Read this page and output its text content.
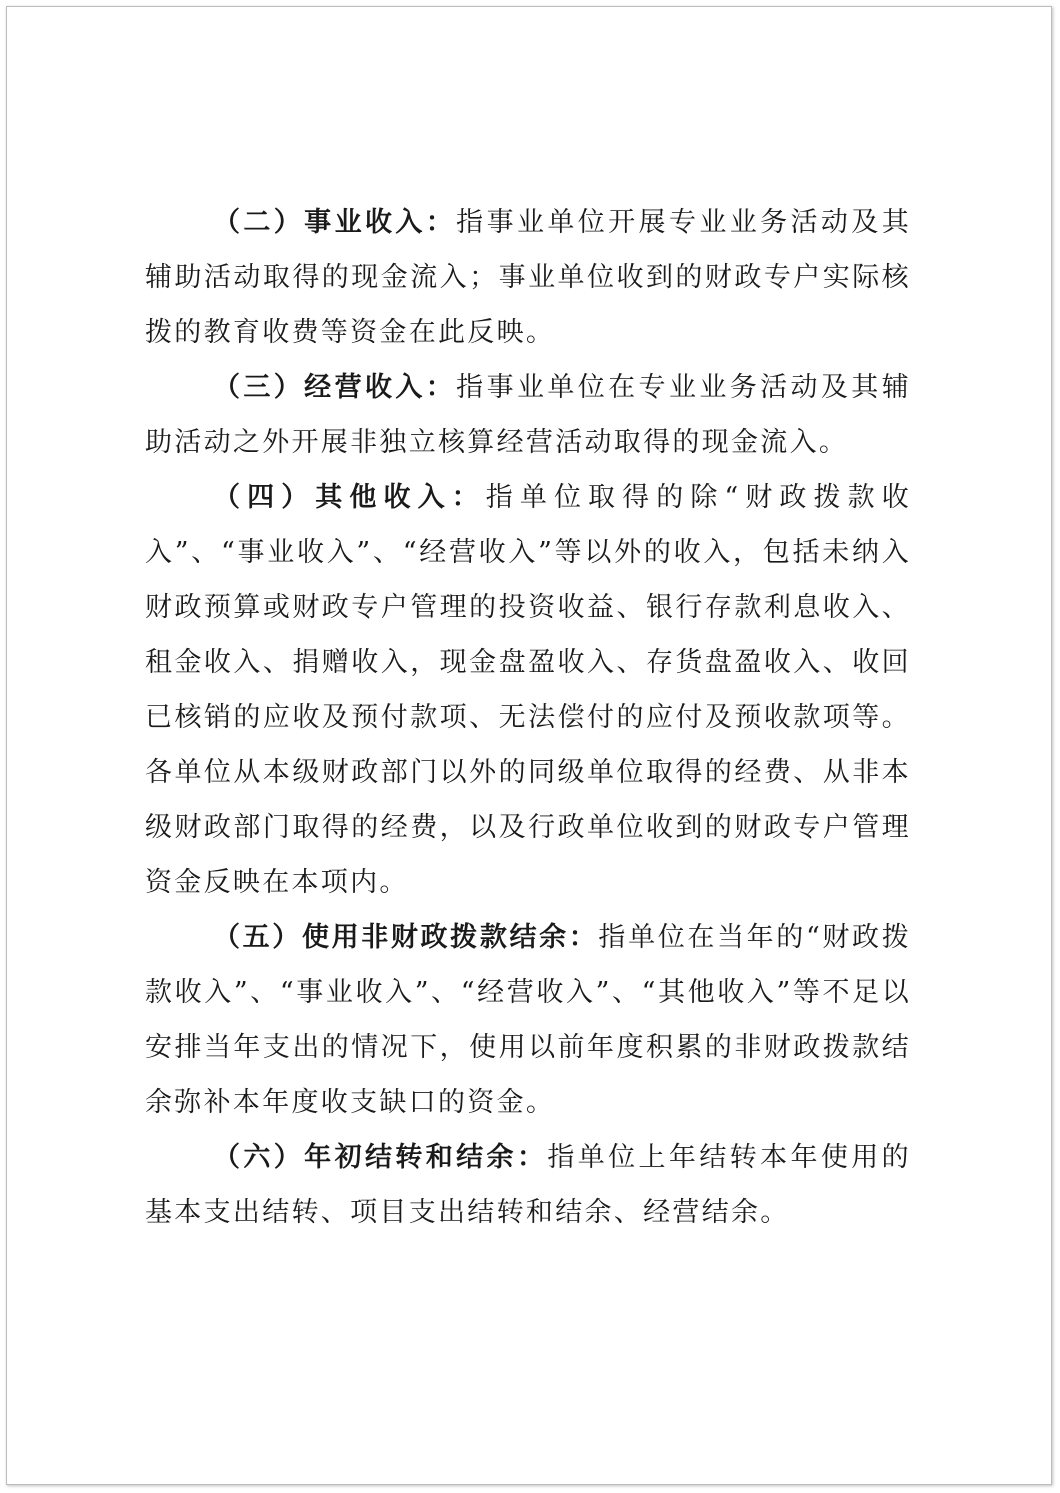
（二）事业收入：指事业单位开展专业业务活动及其辅助活动取得的现金流入；事业单位收到的财政专户实际核拨的教育收费等资金在此反映。

（三）经营收入：指事业单位在专业业务活动及其辅助活动之外开展非独立核算经营活动取得的现金流入。

（四）其他收入：指单位取得的除“财政拨款收入”、“事业收入”、“经营收入”等以外的收入，包括未纳入财政预算或财政专户管理的投资收益、银行存款利息收入、租金收入、捐赠收入，现金盘盈收入、存货盘盈收入、收回已核销的应收及预付款项、无法偿付的应付及预收款项等。各单位从本级财政部门以外的同级单位取得的经费、从非本级财政部门取得的经费，以及行政单位收到的财政专户管理资金反映在本项内。

（五）使用非财政拨款结余：指单位在当年的“财政拨款收入”、“事业收入”、“经营收入”、“其他收入”等不足以安排当年支出的情况下，使用以前年度积累的非财政拨款结余弥补本年度收支缺口的资金。

（六）年初结转和结余：指单位上年结转本年使用的基本支出结转、项目支出结转和结余、经营结余。
